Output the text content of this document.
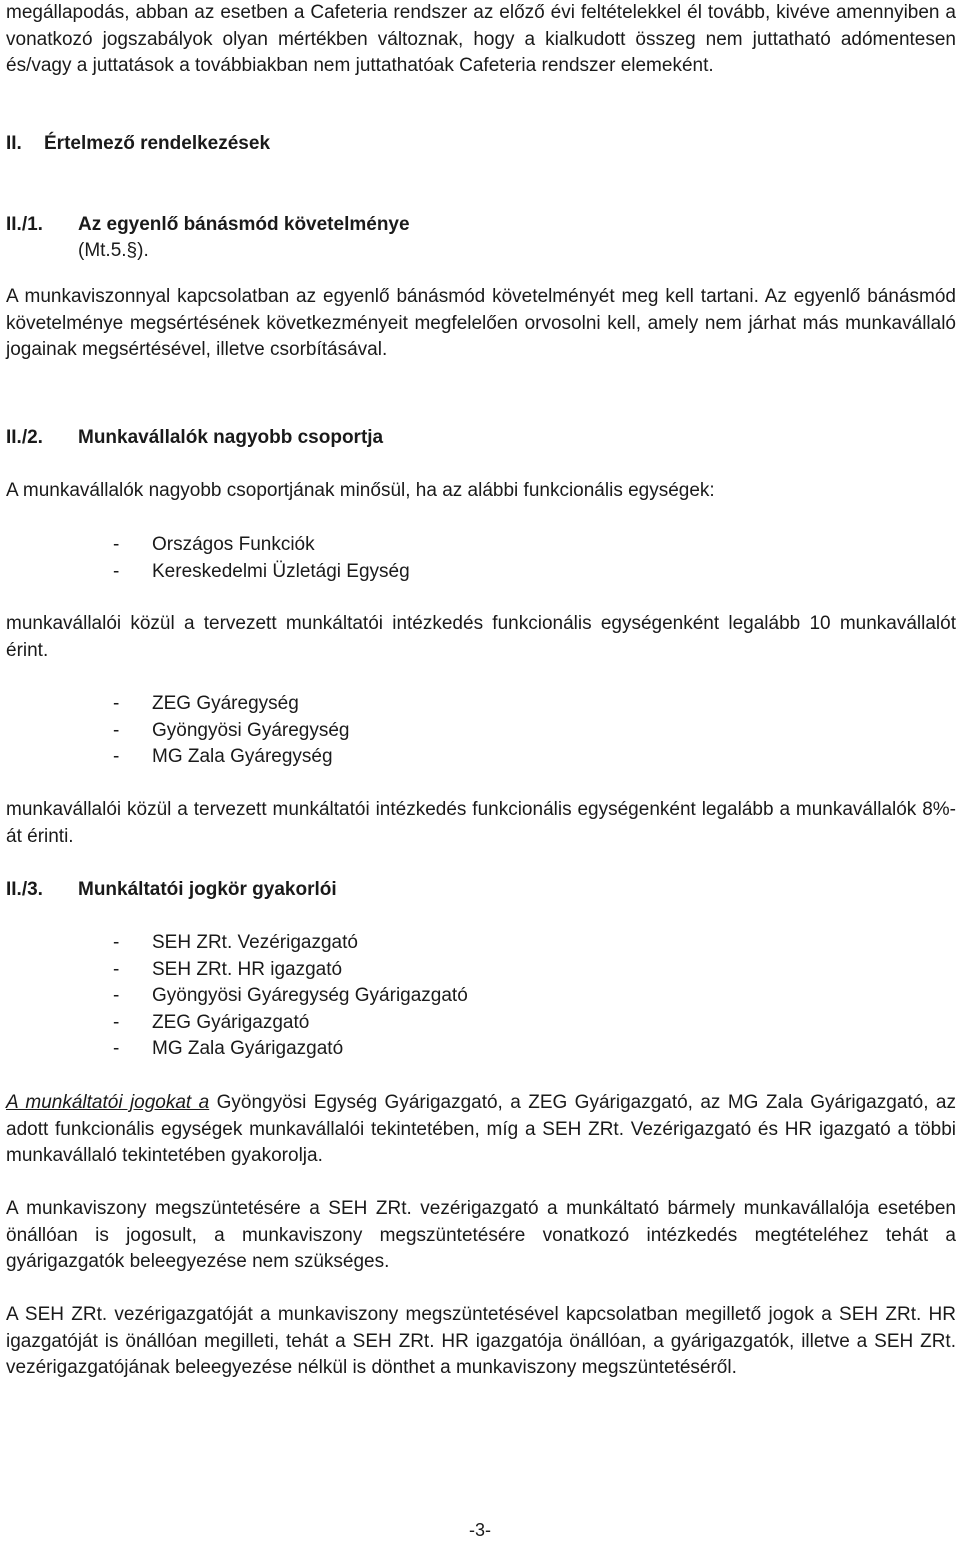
megállapodás, abban az esetben a Cafeteria rendszer az előző évi feltételekkel él tovább, kivéve amennyiben a vonatkozó jogszabályok olyan mértékben változnak, hogy a kialkudott összeg nem juttatható adómentesen és/vagy a juttatások a továbbiakban nem juttathatóak Cafeteria rendszer elemeként.

II. Értelmező rendelkezések
II./1. Az egyenlő bánásmód követelménye
(Mt.5.§).

A munkaviszonnyal kapcsolatban az egyenlő bánásmód követelményét meg kell tartani. Az egyenlő bánásmód követelménye megsértésének következményeit megfelelően orvosolni kell, amely nem járhat más munkavállaló jogainak megsértésével, illetve csorbításával.

II./2. Munkavállalók nagyobb csoportja

A munkavállalók nagyobb csoportjának minősül, ha az alábbi funkcionális egységek:

- Országos Funkciók
- Kereskedelmi Üzletági Egység

munkavállalói közül a tervezett munkáltatói intézkedés funkcionális egységenként legalább 10 munkavállalót érint.

- ZEG Gyáregység
- Gyöngyösi Gyáregység
- MG Zala Gyáregység

munkavállalói közül a tervezett munkáltatói intézkedés funkcionális egységenként legalább a munkavállalók 8%-át érinti.

II./3. Munkáltatói jogkör gyakorlói
- SEH ZRt. Vezérigazgató
- SEH ZRt. HR igazgató
- Gyöngyösi Gyáregység Gyárigazgató
- ZEG Gyárigazgató
- MG Zala Gyárigazgató

A munkáltatói jogokat a Gyöngyösi Egység Gyárigazgató, a ZEG Gyárigazgató, az MG Zala Gyárigazgató, az adott funkcionális egységek munkavállalói tekintetében, míg a SEH ZRt. Vezérigazgató és HR igazgató a többi munkavállaló tekintetében gyakorolja.

A munkaviszony megszüntetésére a SEH ZRt. vezérigazgató a munkáltató bármely munkavállalója esetében önállóan is jogosult, a munkaviszony megszüntetésére vonatkozó intézkedés megtételéhez tehát a gyárigazgatók beleegyezése nem szükséges.

A SEH ZRt. vezérigazgatóját a munkaviszony megszüntetésével kapcsolatban megillető jogok a SEH ZRt. HR igazgatóját is önállóan megilleti, tehát a SEH ZRt. HR igazgatója önállóan, a gyárigazgatók, illetve a SEH ZRt. vezérigazgatójának beleegyezése nélkül is dönthet a munkaviszony megszüntetéséről.

-3-
